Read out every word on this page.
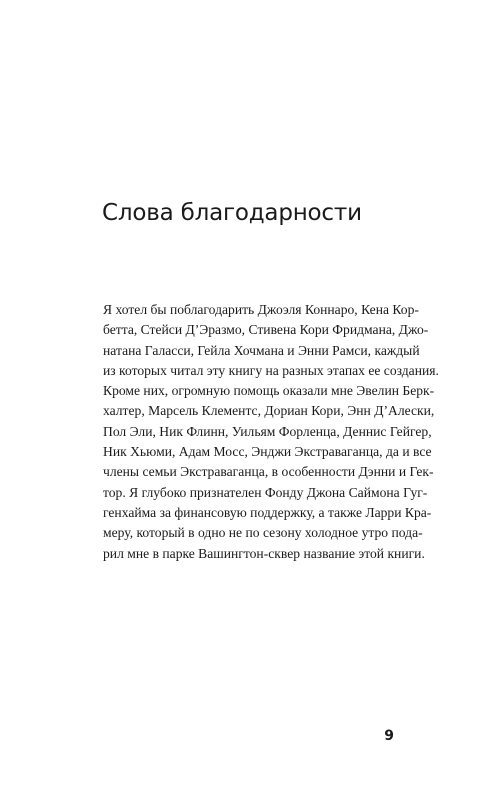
Слова благодарности
Я хотел бы поблагодарить Джоэля Коннаро, Кена Кор-
бетта, Стейси Д’Эразмо, Стивена Кори Фридмана, Джо-
натана Галасси, Гейла Хочмана и Энни Рамси, каждый
из которых читал эту книгу на разных этапах ее создания.
Кроме них, огромную помощь оказали мне Эвелин Берк-
халтер, Марсель Клементс, Дориан Кори, Энн Д’Алески,
Пол Эли, Ник Флинн, Уильям Форленца, Деннис Гейгер,
Ник Хьюми, Адам Мосс, Энджи Экстраваганца, да и все
члены семьи Экстраваганца, в особенности Дэнни и Гек-
тор. Я глубоко признателен Фонду Джона Саймона Гуг-
генхайма за финансовую поддержку, а также Ларри Кра-
меру, который в одно не по сезону холодное утро пода-
рил мне в парке Вашингтон-сквер название этой книги.
9
